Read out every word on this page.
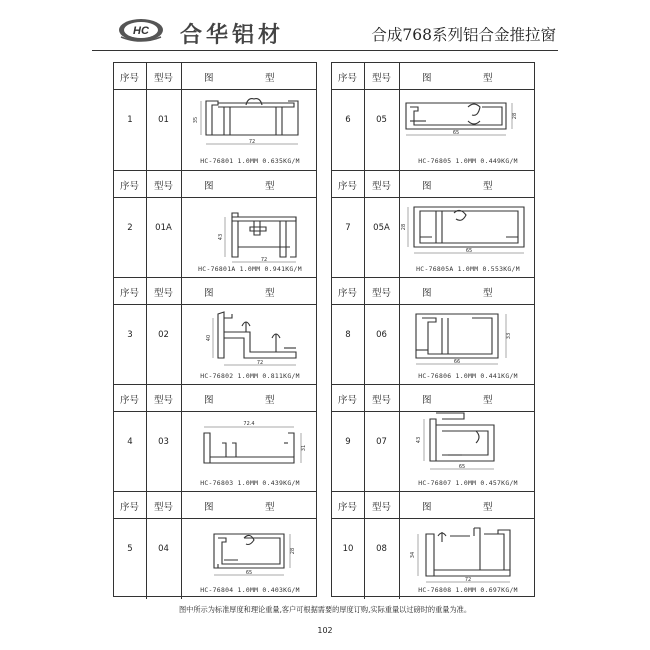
HC 合华铝材	合成768系列铝合金推拉窗
序号 型号	图	型
1	01
72
35
HC-76801 1.0MM 0.635KG/M
序号 型号	图	型
2	01A
72
43
HC-76801A 1.0MM 0.941KG/M
序号 型号	图	型
3	02
72
40
HC-76802 1.0MM 0.811KG/M
序号 型号	图	型
4	03
72.4
31
HC-76803 1.0MM 0.439KG/M
序号 型号	图	型
5	04
65
28
HC-76804 1.0MM 0.403KG/M
序号 型号	图	型
6	05
65
28
HC-76805 1.0MM 0.449KG/M
序号 型号	图	型
7	05A
65
28
HC-76805A 1.0MM 0.553KG/M
序号 型号	图	型
8	06
66
33
HC-76806 1.0MM 0.441KG/M
序号 型号	图	型
9	07
65
43
HC-76807 1.0MM 0.457KG/M
序号 型号	图	型
10	08
72
34
HC-76808 1.0MM 0.697KG/M
图中所示为标准厚度和理论重量,客户可根据需要的厚度订购,实际重量以过磅时的重量为准。
102
